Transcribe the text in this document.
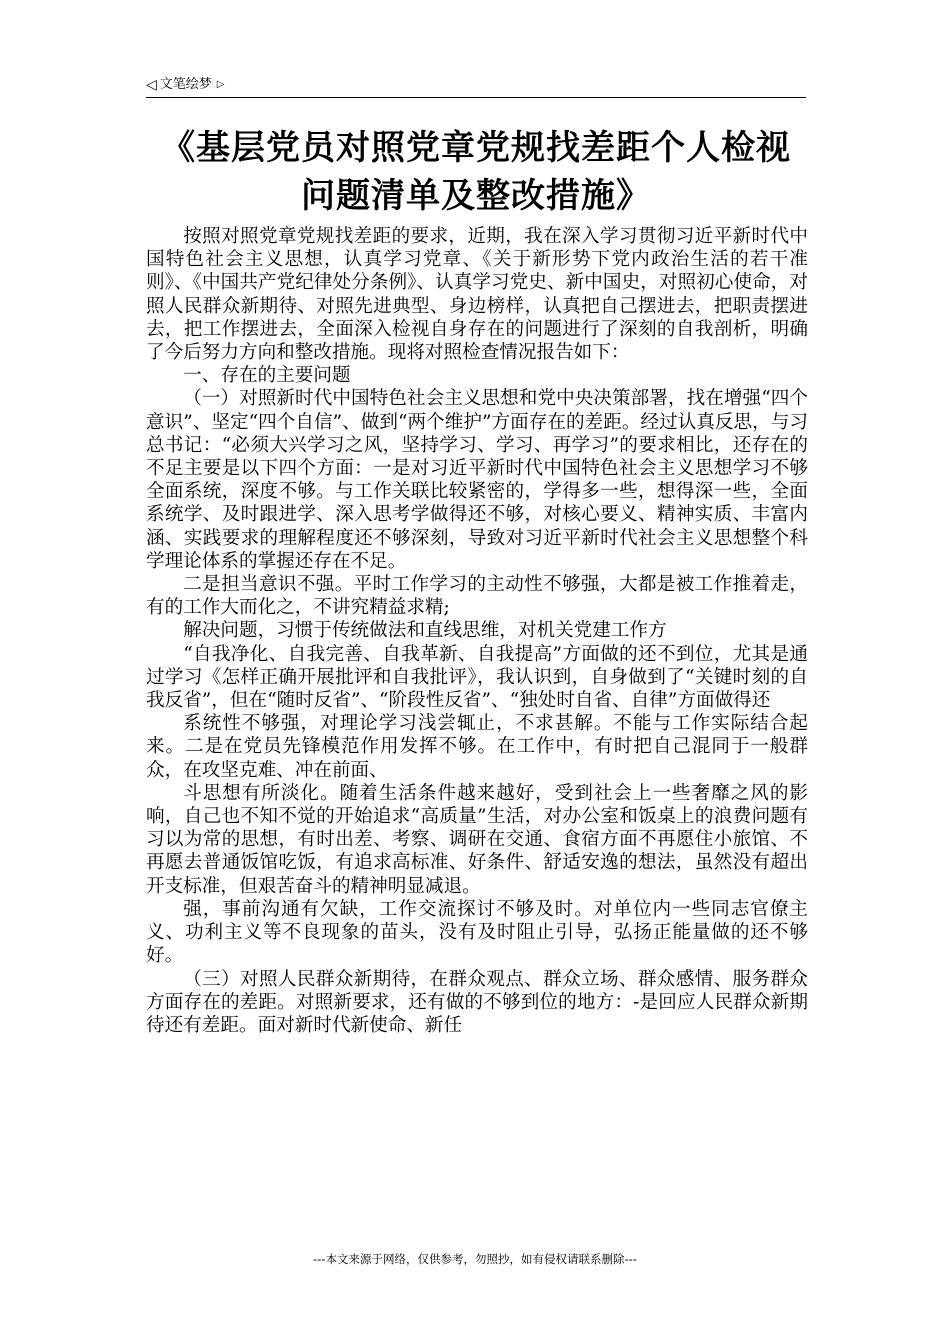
◁ 文笔绘梦 ▷
《基层党员对照党章党规找差距个人检视
问题清单及整改措施》

按照对照党章党规找差距的要求，近期，我在深入学习贯彻习近平新时代中国特色社会主义思想，认真学习党章、《关于新形势下党内政治生活的若干准则》、《中国共产党纪律处分条例》、认真学习党史、新中国史，对照初心使命，对照人民群众新期待、对照先进典型、身边榜样，认真把自己摆进去，把职责摆进去，把工作摆进去，全面深入检视自身存在的问题进行了深刻的自我剖析，明确了今后努力方向和整改措施。现将对照检查情况报告如下：

一、存在的主要问题

（一）对照新时代中国特色社会主义思想和党中央决策部署，找在增强“四个意识”、坚定“四个自信”、做到“两个维护”方面存在的差距。经过认真反思，与习总书记：“必须大兴学习之风，坚持学习、学习、再学习”的要求相比，还存在的不足主要是以下四个方面：一是对习近平新时代中国特色社会主义思想学习不够全面系统，深度不够。与工作关联比较紧密的，学得多一些，想得深一些，全面系统学、及时跟进学、深入思考学做得还不够，对核心要义、精神实质、丰富内涵、实践要求的理解程度还不够深刻，导致对习近平新时代社会主义思想整个科学理论体系的掌握还存在不足。

二是担当意识不强。平时工作学习的主动性不够强，大都是被工作推着走，有的工作大而化之，不讲究精益求精;

解决问题，习惯于传统做法和直线思维，对机关党建工作方

“自我净化、自我完善、自我革新、自我提高”方面做的还不到位，尤其是通过学习《怎样正确开展批评和自我批评》，我认识到，自身做到了“关键时刻的自我反省”，但在“随时反省”、“阶段性反省”、“独处时自省、自律”方面做得还

系统性不够强，对理论学习浅尝辄止，不求甚解。不能与工作实际结合起来。二是在党员先锋模范作用发挥不够。在工作中，有时把自己混同于一般群众，在攻坚克难、冲在前面、

斗思想有所淡化。随着生活条件越来越好，受到社会上一些奢靡之风的影响，自己也不知不觉的开始追求“高质量”生活，对办公室和饭桌上的浪费问题有习以为常的思想，有时出差、考察、调研在交通、食宿方面不再愿住小旅馆、不再愿去普通饭馆吃饭，有追求高标准、好条件、舒适安逸的想法，虽然没有超出开支标准，但艰苦奋斗的精神明显减退。

强，事前沟通有欠缺，工作交流探讨不够及时。对单位内一些同志官僚主义、功利主义等不良现象的苗头，没有及时阻止引导，弘扬正能量做的还不够好。

（三）对照人民群众新期待，在群众观点、群众立场、群众感情、服务群众方面存在的差距。对照新要求，还有做的不够到位的地方：-是回应人民群众新期待还有差距。面对新时代新使命、新任

---本文来源于网络，仅供参考，勿照抄，如有侵权请联系删除---
